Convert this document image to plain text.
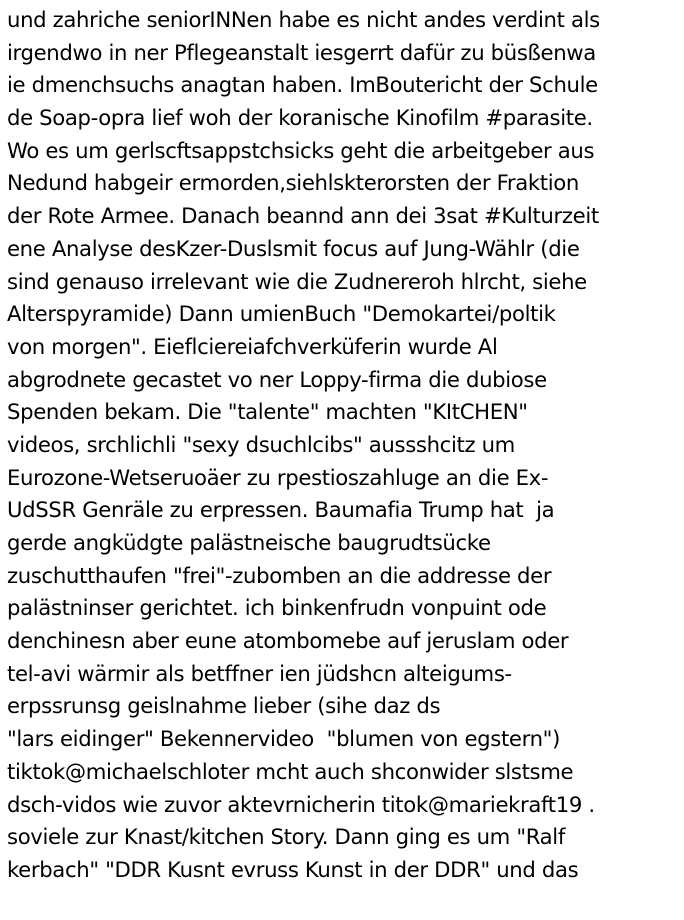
und zahriche seniorINNen habe es nicht andes verdint als
irgendwo in ner Pflegeanstalt iesgerrt dafür zu büsßenwa
ie dmenchsuchs anagtan haben. ImBoutericht der Schule
de Soap-opra lief woh der koranische Kinofilm #parasite.
Wo es um gerlscftsappstchsicks geht die arbeitgeber aus
Nedund habgeir ermorden,siehlskterorsten der Fraktion
der Rote Armee. Danach beannd ann dei 3sat #Kulturzeit
ene Analyse desKzer-Duslsmit focus auf Jung-Wählr (die
sind genauso irrelevant wie die Zudnereroh hlrcht, siehe
Alterspyramide) Dann umienBuch "Demokartei/poltik
von morgen". Eieflciereiafchverküferin wurde Al
abgrodnete gecastet vo ner Loppy-firma die dubiose
Spenden bekam. Die "talente" machten "KItCHEN"
videos, srchlichli "sexy dsuchlcibs" aussshcitz um
Eurozone-Wetseruoäer zu rpestioszahluge an die Ex-
UdSSR Genräle zu erpressen. Baumafia Trump hat  ja
gerde angküdgte palästneische baugrudtsücke
zuschutthaufen "frei"-zubomben an die addresse der
palästninser gerichtet. ich binkenfrudn vonpuint ode
denchinesn aber eune atombomebe auf jeruslam oder
tel-avi wärmir als betffner ien jüdshcn alteigums-
erpssrunsg geislnahme lieber (sihe daz ds
"lars eidinger" Bekennervideo  "blumen von egstern")
tiktok@michaelschloter mcht auch shconwider slstsme
dsch-vidos wie zuvor aktevrnicherin titok@mariekraft19 .
soviele zur Knast/kitchen Story. Dann ging es um "Ralf
kerbach" "DDR Kusnt evruss Kunst in der DDR" und das
